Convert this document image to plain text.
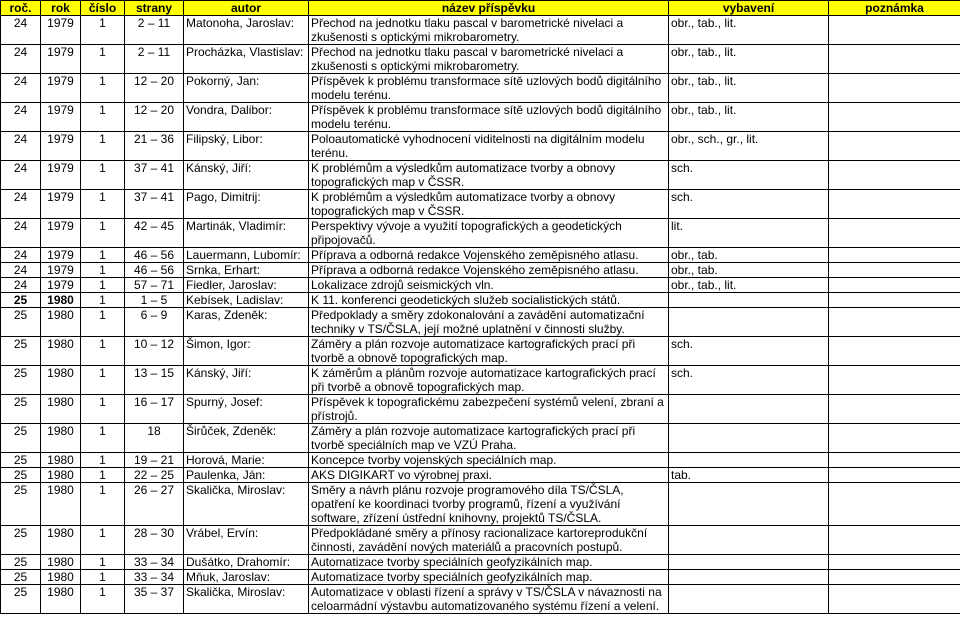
roč.	rok	číslo	strany	autor	název příspěvku	vybavení	poznámka
24	1979	1	2 – 11	Matonoha, Jaroslav:	Přechod na jednotku tlaku pascal v barometrické nivelaci a zkušenosti s optickými mikrobarometry.	obr., tab., lit.	
24	1979	1	2 – 11	Procházka, Vlastislav:	Přechod na jednotku tlaku pascal v barometrické nivelaci a zkušenosti s optickými mikrobarometry.	obr., tab., lit.	
24	1979	1	12 – 20	Pokorný, Jan:	Příspěvek k problému transformace sítě uzlových bodů digitálního modelu terénu.	obr., tab., lit.	
24	1979	1	12 – 20	Vondra, Dalibor:	Příspěvek k problému transformace sítě uzlových bodů digitálního modelu terénu.	obr., tab., lit.	
24	1979	1	21 – 36	Filipský, Libor:	Poloautomatické vyhodnocení viditelnosti na digitálním modelu terénu.	obr., sch., gr., lit.	
24	1979	1	37 – 41	Kánský, Jiří:	K problémům a výsledkům automatizace tvorby a obnovy topografických map v ČSSR.	sch.	
24	1979	1	37 – 41	Pago, Dimitrij:	K problémům a výsledkům automatizace tvorby a obnovy topografických map v ČSSR.	sch.	
24	1979	1	42 – 45	Martinák, Vladimír:	Perspektivy vývoje a využití topografických a geodetických připojovačů.	lit.	
24	1979	1	46 – 56	Lauermann, Lubomír:	Příprava a odborná redakce Vojenského zeměpisného atlasu.	obr., tab.	
24	1979	1	46 – 56	Srnka, Erhart:	Příprava a odborná redakce Vojenského zeměpisného atlasu.	obr., tab.	
24	1979	1	57 – 71	Fiedler, Jaroslav:	Lokalizace zdrojů seismických vln.	obr., tab., lit.	
25	1980	1	1 – 5	Kebísek, Ladislav:	K 11. konferenci geodetických služeb socialistických států.		
25	1980	1	6 – 9	Karas, Zdeněk:	Předpoklady a směry zdokonalování a zavádění automatizační techniky v TS/ČSLA, její možné uplatnění v činnosti služby.		
25	1980	1	10 – 12	Šimon, Igor:	Záměry a plán rozvoje automatizace kartografických prací při tvorbě a obnově topografických map.	sch.	
25	1980	1	13 – 15	Kánský, Jiří:	K záměrům a plánům rozvoje automatizace kartografických prací při tvorbě a obnově topografických map.	sch.	
25	1980	1	16 – 17	Spurný, Josef:	Příspěvek k topografickému zabezpečení systémů velení, zbraní a přístrojů.		
25	1980	1	18	Širůček, Zdeněk:	Záměry a plán rozvoje automatizace kartografických prací při tvorbě speciálních map ve VZÚ Praha.		
25	1980	1	19 – 21	Horová, Marie:	Koncepce tvorby vojenských speciálních map.		
25	1980	1	22 – 25	Paulenka, Ján:	AKS DIGIKART vo výrobnej praxi.	tab.	
25	1980	1	26 – 27	Skalička, Miroslav:	Směry a návrh plánu rozvoje programového díla TS/ČSLA, opatření ke koordinaci tvorby programů, řízení a využívání software, zřízení ústřední knihovny, projektů TS/ČSLA.		
25	1980	1	28 – 30	Vrábel, Ervín:	Předpokládané směry a přínosy racionalizace kartoreprodukční činnosti, zavádění nových materiálů a pracovních postupů.		
25	1980	1	33 – 34	Dušátko, Drahomír:	Automatizace tvorby speciálních geofyzikálních map.		
25	1980	1	33 – 34	Mňuk, Jaroslav:	Automatizace tvorby speciálních geofyzikálních map.		
25	1980	1	35 – 37	Skalička, Miroslav:	Automatizace v oblasti řízení a správy v TS/ČSLA v návaznosti na celoarmádní výstavbu automatizovaného systému řízení a velení.		
